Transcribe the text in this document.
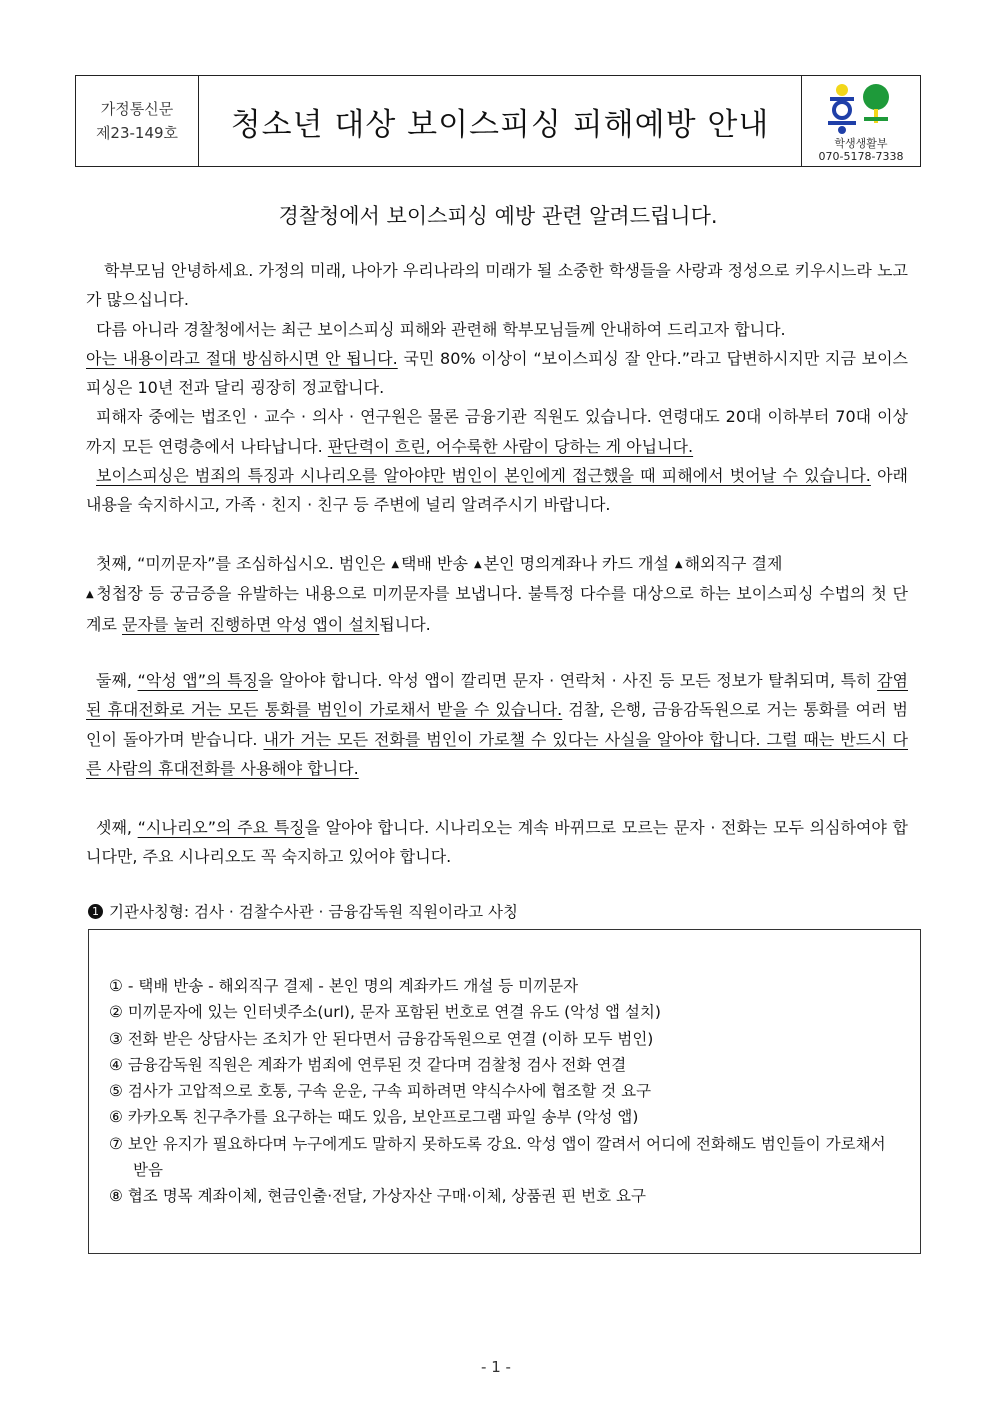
가정통신문
제23-149호	청소년 대상 보이스피싱 피해예방 안내
학생생활부
070-5178-7338
경찰청에서 보이스피싱 예방 관련 알려드립니다.
학부모님 안녕하세요. 가정의 미래, 나아가 우리나라의 미래가 될 소중한 학생들을 사랑과 정성으로 키우시느라 노고가 많으십니다.
다름 아니라 경찰청에서는 최근 보이스피싱 피해와 관련해 학부모님들께 안내하여 드리고자 합니다.
아는 내용이라고 절대 방심하시면 안 됩니다. 국민 80% 이상이 “보이스피싱 잘 안다.”라고 답변하시지만 지금 보이스피싱은 10년 전과 달리 굉장히 정교합니다.
피해자 중에는 법조인 · 교수 · 의사 · 연구원은 물론 금융기관 직원도 있습니다. 연령대도 20대 이하부터 70대 이상까지 모든 연령층에서 나타납니다. 판단력이 흐린, 어수룩한 사람이 당하는 게 아닙니다.
보이스피싱은 범죄의 특징과 시나리오를 알아야만 범인이 본인에게 접근했을 때 피해에서 벗어날 수 있습니다. 아래 내용을 숙지하시고, 가족 · 친지 · 친구 등 주변에 널리 알려주시기 바랍니다.
첫째, “미끼문자”를 조심하십시오. 범인은 ▲ 택배 반송 ▲ 본인 명의계좌나 카드 개설 ▲ 해외직구 결제
▲ 청첩장 등 궁금증을 유발하는 내용으로 미끼문자를 보냅니다. 불특정 다수를 대상으로 하는 보이스피싱 수법의 첫 단계로 문자를 눌러 진행하면 악성 앱이 설치됩니다.
둘째, “악성 앱”의 특징을 알아야 합니다. 악성 앱이 깔리면 문자 · 연락처 · 사진 등 모든 정보가 탈취되며, 특히 감염된 휴대전화로 거는 모든 통화를 범인이 가로채서 받을 수 있습니다. 검찰, 은행, 금융감독원으로 거는 통화를 여러 범인이 돌아가며 받습니다. 내가 거는 모든 전화를 범인이 가로챌 수 있다는 사실을 알아야 합니다. 그럴 때는 반드시 다른 사람의 휴대전화를 사용해야 합니다.
셋째, “시나리오”의 주요 특징을 알아야 합니다. 시나리오는 계속 바뀌므로 모르는 문자 · 전화는 모두 의심하여야 합니다만, 주요 시나리오도 꼭 숙지하고 있어야 합니다.
1 기관사칭형: 검사 · 검찰수사관 · 금융감독원 직원이라고 사칭
① - 택배 반송 - 해외직구 결제 - 본인 명의 계좌카드 개설 등 미끼문자
② 미끼문자에 있는 인터넷주소(url), 문자 포함된 번호로 연결 유도 (악성 앱 설치)
③ 전화 받은 상담사는 조치가 안 된다면서 금융감독원으로 연결 (이하 모두 범인)
④ 금융감독원 직원은 계좌가 범죄에 연루된 것 같다며 검찰청 검사 전화 연결
⑤ 검사가 고압적으로 호통, 구속 운운, 구속 피하려면 약식수사에 협조할 것 요구
⑥ 카카오톡 친구추가를 요구하는 때도 있음, 보안프로그램 파일 송부 (악성 앱)
⑦ 보안 유지가 필요하다며 누구에게도 말하지 못하도록 강요. 악성 앱이 깔려서 어디에 전화해도 범인들이 가로채서 받음
⑧ 협조 명목 계좌이체, 현금인출·전달, 가상자산 구매·이체, 상품권 핀 번호 요구
- 1 -
